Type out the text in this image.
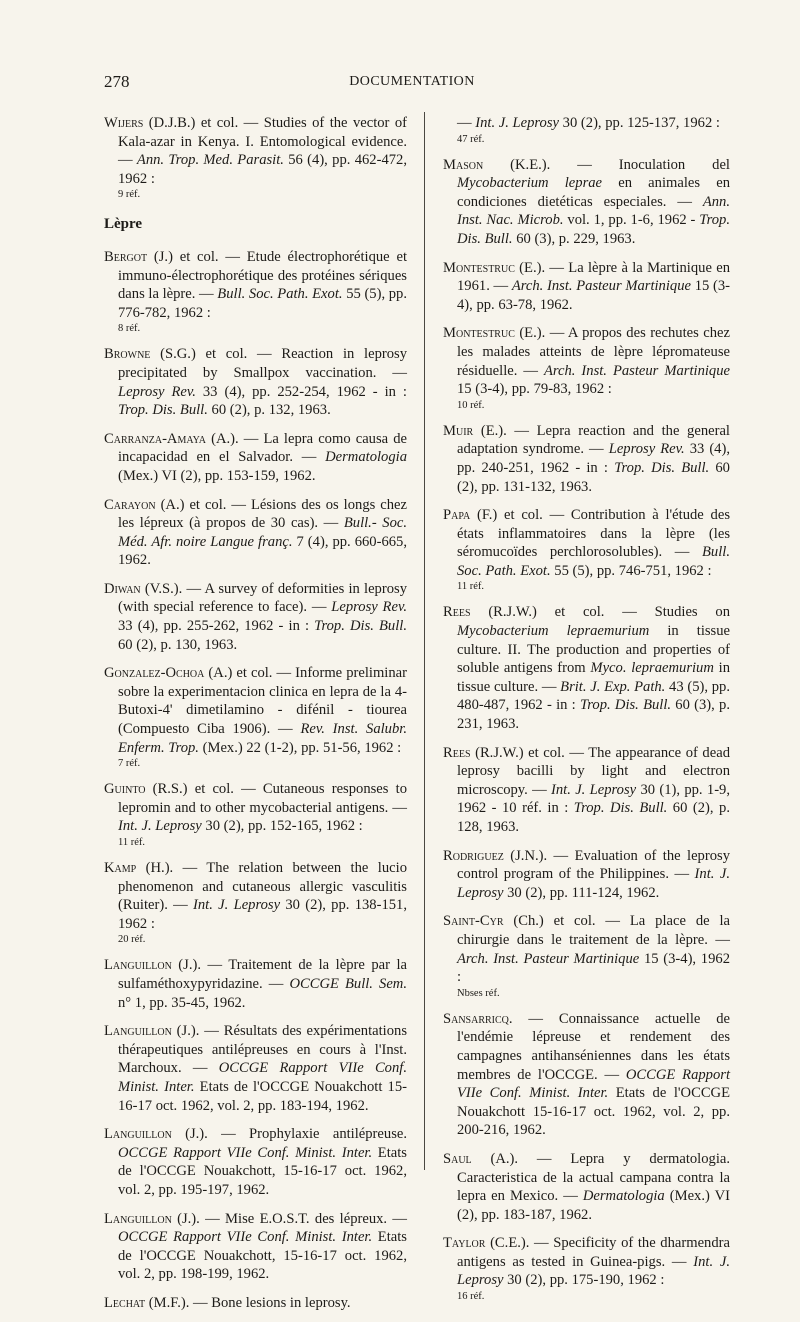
278	DOCUMENTATION
Wijers (D.J.B.) et col. — Studies of the vector of Kala-azar in Kenya. I. Entomological evidence. — Ann. Trop. Med. Parasit. 56 (4), pp. 462-472, 1962 :
9 réf.
Lèpre
Bergot (J.) et col. — Etude électrophorétique et immuno-électrophorétique des protéines sériques dans la lèpre. — Bull. Soc. Path. Exot. 55 (5), pp. 776-782, 1962 :
8 réf.
Browne (S.G.) et col. — Reaction in leprosy precipitated by Smallpox vaccination. — Leprosy Rev. 33 (4), pp. 252-254, 1962 - in : Trop. Dis. Bull. 60 (2), p. 132, 1963.
Carranza-Amaya (A.). — La lepra como causa de incapacidad en el Salvador. — Dermatologia (Mex.) VI (2), pp. 153-159, 1962.
Carayon (A.) et col. — Lésions des os longs chez les lépreux (à propos de 30 cas). — Bull.- Soc. Méd. Afr. noire Langue franç. 7 (4), pp. 660-665, 1962.
Diwan (V.S.). — A survey of deformities in leprosy (with special reference to face). — Leprosy Rev. 33 (4), pp. 255-262, 1962 - in : Trop. Dis. Bull. 60 (2), p. 130, 1963.
Gonzalez-Ochoa (A.) et col. — Informe preliminar sobre la experimentacion clinica en lepra de la 4-Butoxi-4' dimetilamino - difénil - tiourea (Compuesto Ciba 1906). — Rev. Inst. Salubr. Enferm. Trop. (Mex.) 22 (1-2), pp. 51-56, 1962 :
7 réf.
Guinto (R.S.) et col. — Cutaneous responses to lepromin and to other mycobacterial antigens. — Int. J. Leprosy 30 (2), pp. 152-165, 1962 :
11 réf.
Kamp (H.). — The relation between the lucio phenomenon and cutaneous allergic vasculitis (Ruiter). — Int. J. Leprosy 30 (2), pp. 138-151, 1962 :
20 réf.
Languillon (J.). — Traitement de la lèpre par la sulfaméthoxypyridazine. — OCCGE Bull. Sem. n° 1, pp. 35-45, 1962.
Languillon (J.). — Résultats des expérimentations thérapeutiques antilépreuses en cours à l'Inst. Marchoux. — OCCGE Rapport VIIe Conf. Minist. Inter. Etats de l'OCCGE Nouakchott 15-16-17 oct. 1962, vol. 2, pp. 183-194, 1962.
Languillon (J.). — Prophylaxie antilépreuse. OCCGE Rapport VIIe Conf. Minist. Inter. Etats de l'OCCGE Nouakchott, 15-16-17 oct. 1962, vol. 2, pp. 195-197, 1962.
Languillon (J.). — Mise E.O.S.T. des lépreux. — OCCGE Rapport VIIe Conf. Minist. Inter. Etats de l'OCCGE Nouakchott, 15-16-17 oct. 1962, vol. 2, pp. 198-199, 1962.
Lechat (M.F.). — Bone lesions in leprosy.
— Int. J. Leprosy 30 (2), pp. 125-137, 1962 :
47 réf.
Mason (K.E.). — Inoculation del Mycobacterium leprae en animales en condiciones dietéticas especiales. — Ann. Inst. Nac. Microb. vol. 1, pp. 1-6, 1962 - Trop. Dis. Bull. 60 (3), p. 229, 1963.
Montestruc (E.). — La lèpre à la Martinique en 1961. — Arch. Inst. Pasteur Martinique 15 (3-4), pp. 63-78, 1962.
Montestruc (E.). — A propos des rechutes chez les malades atteints de lèpre lépromateuse résiduelle. — Arch. Inst. Pasteur Martinique 15 (3-4), pp. 79-83, 1962 :
10 réf.
Muir (E.). — Lepra reaction and the general adaptation syndrome. — Leprosy Rev. 33 (4), pp. 240-251, 1962 - in : Trop. Dis. Bull. 60 (2), pp. 131-132, 1963.
Papa (F.) et col. — Contribution à l'étude des états inflammatoires dans la lèpre (les séromucoïdes perchlorosolubles). — Bull. Soc. Path. Exot. 55 (5), pp. 746-751, 1962 :
11 réf.
Rees (R.J.W.) et col. — Studies on Mycobacterium lepraemurium in tissue culture. II. The production and properties of soluble antigens from Myco. lepraemurium in tissue culture. — Brit. J. Exp. Path. 43 (5), pp. 480-487, 1962 - in : Trop. Dis. Bull. 60 (3), p. 231, 1963.
Rees (R.J.W.) et col. — The appearance of dead leprosy bacilli by light and electron microscopy. — Int. J. Leprosy 30 (1), pp. 1-9, 1962 - 10 réf. in : Trop. Dis. Bull. 60 (2), p. 128, 1963.
Rodriguez (J.N.). — Evaluation of the leprosy control program of the Philippines. — Int. J. Leprosy 30 (2), pp. 111-124, 1962.
Saint-Cyr (Ch.) et col. — La place de la chirurgie dans le traitement de la lèpre. — Arch. Inst. Pasteur Martinique 15 (3-4), 1962 :
Nbses réf.
Sansarricq. — Connaissance actuelle de l'endémie lépreuse et rendement des campagnes antihanséniennes dans les états membres de l'OCCGE. — OCCGE Rapport VIIe Conf. Minist. Inter. Etats de l'OCCGE Nouakchott 15-16-17 oct. 1962, vol. 2, pp. 200-216, 1962.
Saul (A.). — Lepra y dermatologia. Caracteristica de la actual campana contra la lepra en Mexico. — Dermatologia (Mex.) VI (2), pp. 183-187, 1962.
Taylor (C.E.). — Specificity of the dharmendra antigens as tested in Guinea-pigs. — Int. J. Leprosy 30 (2), pp. 175-190, 1962 :
16 réf.
